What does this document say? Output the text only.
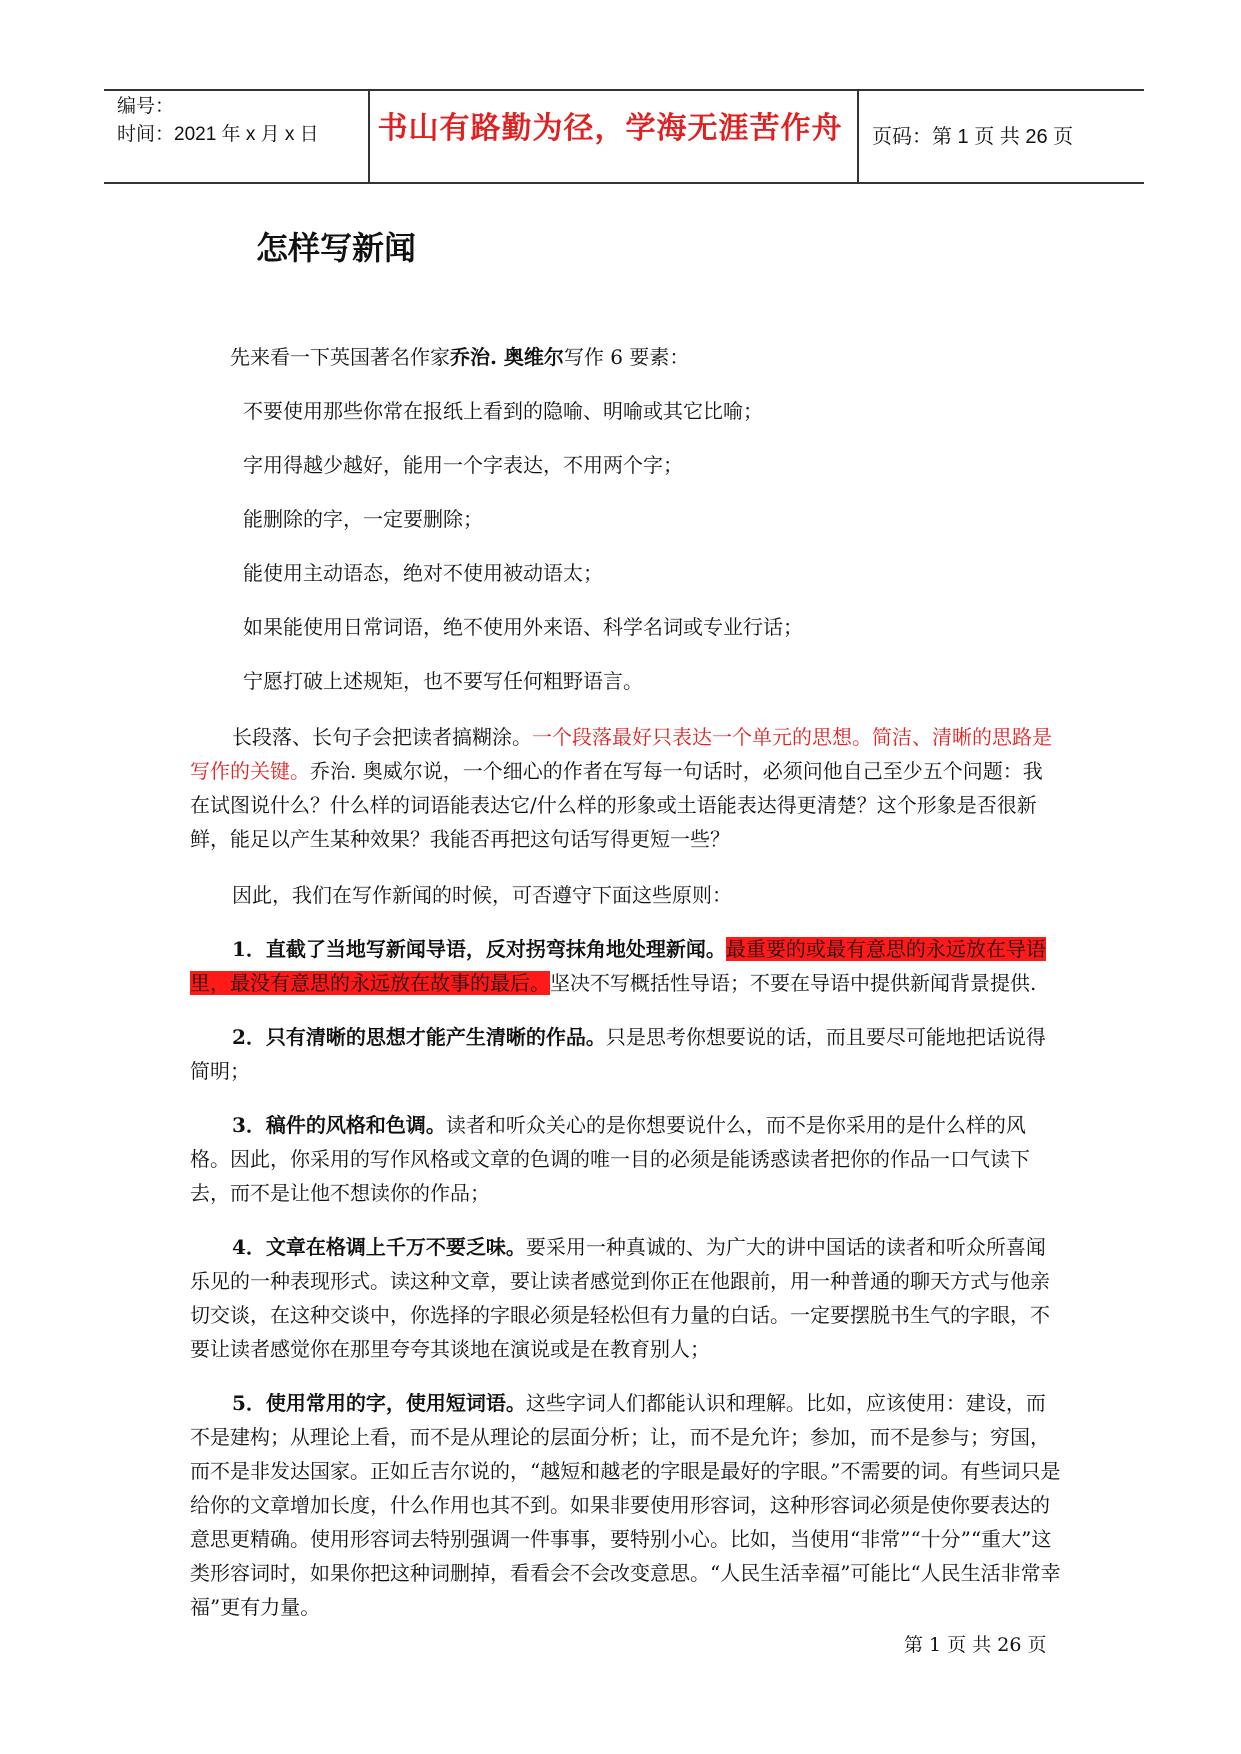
编号：
时间：2021 年 x 月 x 日 书山有路勤为径，学海无涯苦作舟	页码：第 1 页 共 26 页
怎样写新闻

先来看一下英国著名作家乔治. 奥维尔写作 6 要素：

不要使用那些你常在报纸上看到的隐喻、明喻或其它比喻；

字用得越少越好，能用一个字表达，不用两个字；

能删除的字，一定要删除；

能使用主动语态，绝对不使用被动语太；

如果能使用日常词语，绝不使用外来语、科学名词或专业行话；

宁愿打破上述规矩，也不要写任何粗野语言。

长段落、长句子会把读者搞糊涂。一个段落最好只表达一个单元的思想。简洁、清晰的思路是写作的关键。乔治. 奥威尔说，一个细心的作者在写每一句话时，必须问他自己至少五个问题：我在试图说什么？什么样的词语能表达它/什么样的形象或土语能表达得更清楚？这个形象是否很新鲜，能足以产生某种效果？我能否再把这句话写得更短一些？

因此，我们在写作新闻的时候，可否遵守下面这些原则：

1．直截了当地写新闻导语，反对拐弯抹角地处理新闻。最重要的或最有意思的永远放在导语里，最没有意思的永远放在故事的最后。坚决不写概括性导语；不要在导语中提供新闻背景提供.

2．只有清晰的思想才能产生清晰的作品。只是思考你想要说的话，而且要尽可能地把话说得简明；

3．稿件的风格和色调。读者和听众关心的是你想要说什么，而不是你采用的是什么样的风格。因此，你采用的写作风格或文章的色调的唯一目的必须是能诱惑读者把你的作品一口气读下去，而不是让他不想读你的作品；

4．文章在格调上千万不要乏味。要采用一种真诚的、为广大的讲中国话的读者和听众所喜闻乐见的一种表现形式。读这种文章，要让读者感觉到你正在他跟前，用一种普通的聊天方式与他亲切交谈，在这种交谈中，你选择的字眼必须是轻松但有力量的白话。一定要摆脱书生气的字眼，不要让读者感觉你在那里夸夸其谈地在演说或是在教育别人；

5．使用常用的字，使用短词语。这些字词人们都能认识和理解。比如，应该使用：建设，而不是建构；从理论上看，而不是从理论的层面分析；让，而不是允许；参加，而不是参与；穷国，而不是非发达国家。正如丘吉尔说的，“越短和越老的字眼是最好的字眼。”不需要的词。有些词只是给你的文章增加长度，什么作用也其不到。如果非要使用形容词，这种形容词必须是使你要表达的意思更精确。使用形容词去特别强调一件事事，要特别小心。比如，当使用“非常”“十分”“重大”这类形容词时，如果你把这种词删掉，看看会不会改变意思。“人民生活幸福”可能比“人民生活非常幸福”更有力量。

第 1 页 共 26 页
